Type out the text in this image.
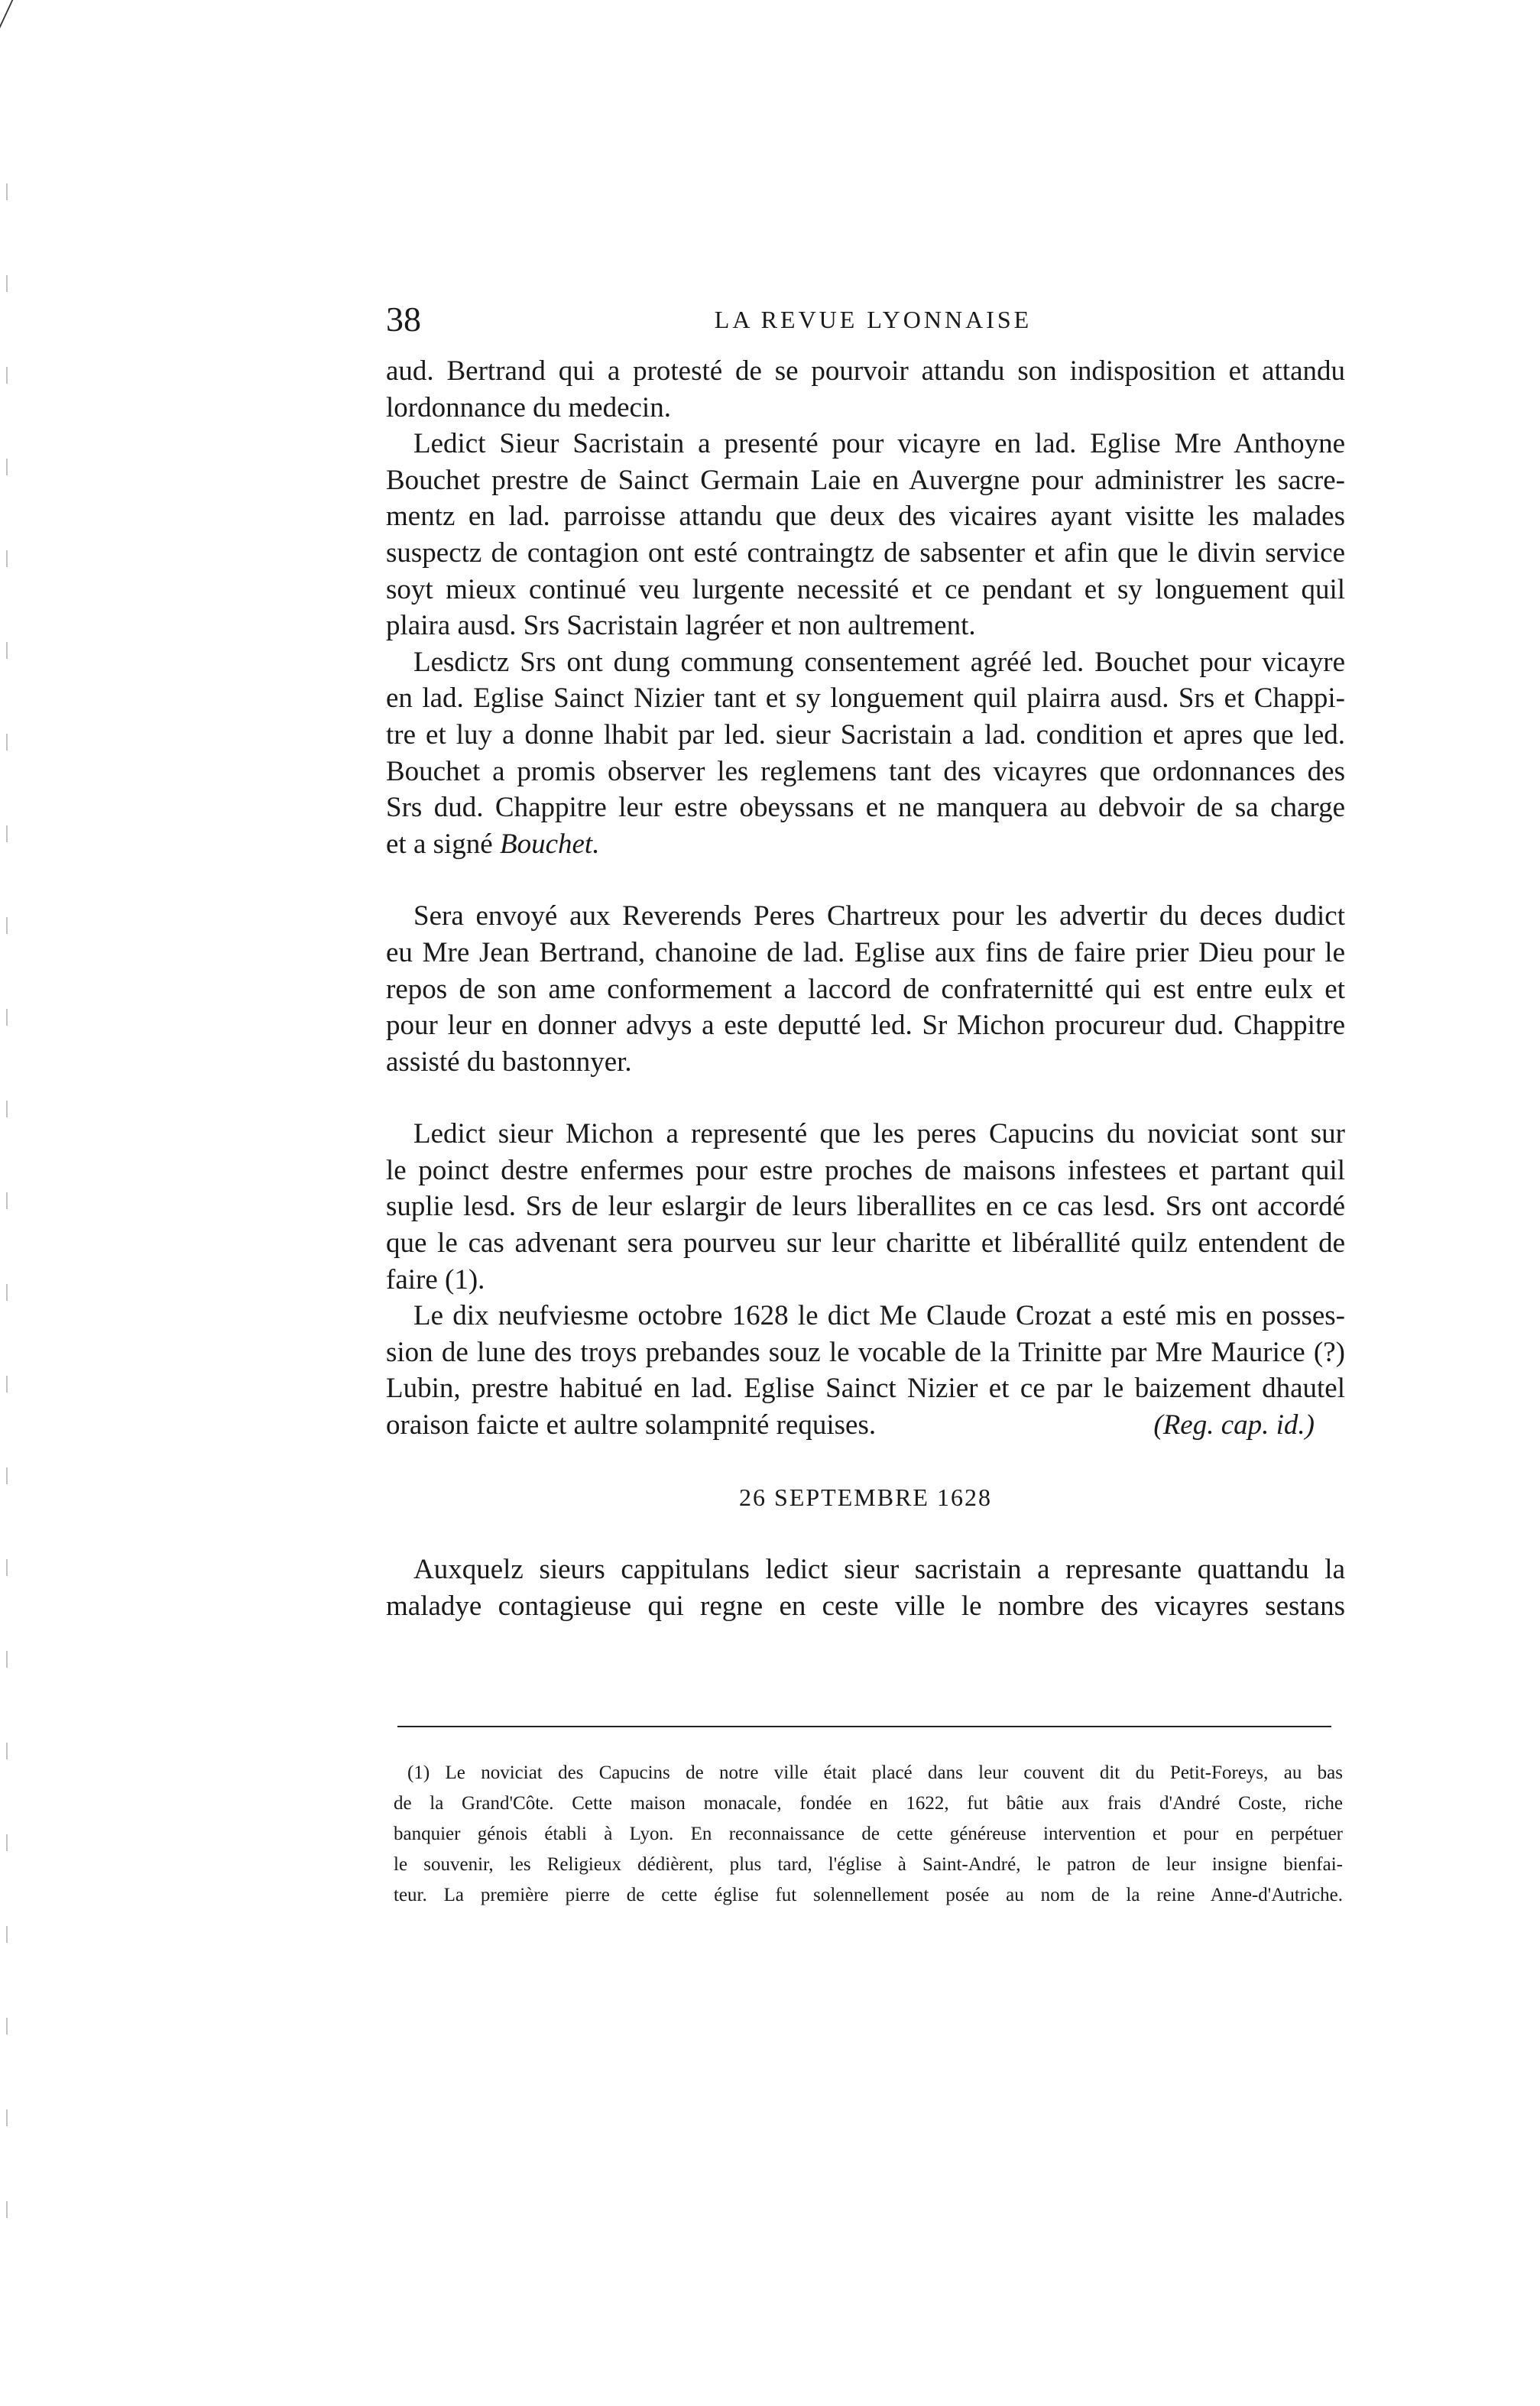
38	LA REVUE LYONNAISE
aud. Bertrand qui a protesté de se pourvoir attandu son indisposition et attandu
lordonnance du medecin.
Ledict Sieur Sacristain a presenté pour vicayre en lad. Eglise Mre Anthoyne
Bouchet prestre de Sainct Germain Laie en Auvergne pour administrer les sacre-
mentz en lad. parroisse attandu que deux des vicaires ayant visitte les malades
suspectz de contagion ont esté contraingtz de sabsenter et afin que le divin service
soyt mieux continué veu lurgente necessité et ce pendant et sy longuement quil
plaira ausd. Srs Sacristain lagréer et non aultrement.
Lesdictz Srs ont dung commung consentement agréé led. Bouchet pour vicayre
en lad. Eglise Sainct Nizier tant et sy longuement quil plairra ausd. Srs et Chappi-
tre et luy a donne lhabit par led. sieur Sacristain a lad. condition et apres que led.
Bouchet a promis observer les reglemens tant des vicayres que ordonnances des
Srs dud. Chappitre leur estre obeyssans et ne manquera au debvoir de sa charge
et a signé Bouchet.
Sera envoyé aux Reverends Peres Chartreux pour les advertir du deces dudict
eu Mre Jean Bertrand, chanoine de lad. Eglise aux fins de faire prier Dieu pour le
repos de son ame conformement a laccord de confraternitté qui est entre eulx et
pour leur en donner advys a este deputté led. Sr Michon procureur dud. Chappitre
assisté du bastonnyer.
Ledict sieur Michon a representé que les peres Capucins du noviciat sont sur
le poinct destre enfermes pour estre proches de maisons infestees et partant quil
suplie lesd. Srs de leur eslargir de leurs liberallites en ce cas lesd. Srs ont accordé
que le cas advenant sera pourveu sur leur charitte et libérallité quilz entendent de
faire (1).
Le dix neufviesme octobre 1628 le dict Me Claude Crozat a esté mis en posses-
sion de lune des troys prebandes souz le vocable de la Trinitte par Mre Maurice (?)
Lubin, prestre habitué en lad. Eglise Sainct Nizier et ce par le baizement dhautel
oraison faicte et aultre solampnité requises.	(Reg. cap. id.)
26 SEPTEMBRE 1628
Auxquelz sieurs cappitulans ledict sieur sacristain a represante quattandu la
maladye contagieuse qui regne en ceste ville le nombre des vicayres sestans
(1) Le noviciat des Capucins de notre ville était placé dans leur couvent dit du Petit-Foreys, au bas
de la Grand'Côte. Cette maison monacale, fondée en 1622, fut bâtie aux frais d'André Coste, riche
banquier génois établi à Lyon. En reconnaissance de cette généreuse intervention et pour en perpétuer
le souvenir, les Religieux dédièrent, plus tard, l'église à Saint-André, le patron de leur insigne bienfai-
teur. La première pierre de cette église fut solennellement posée au nom de la reine Anne-d'Autriche.
